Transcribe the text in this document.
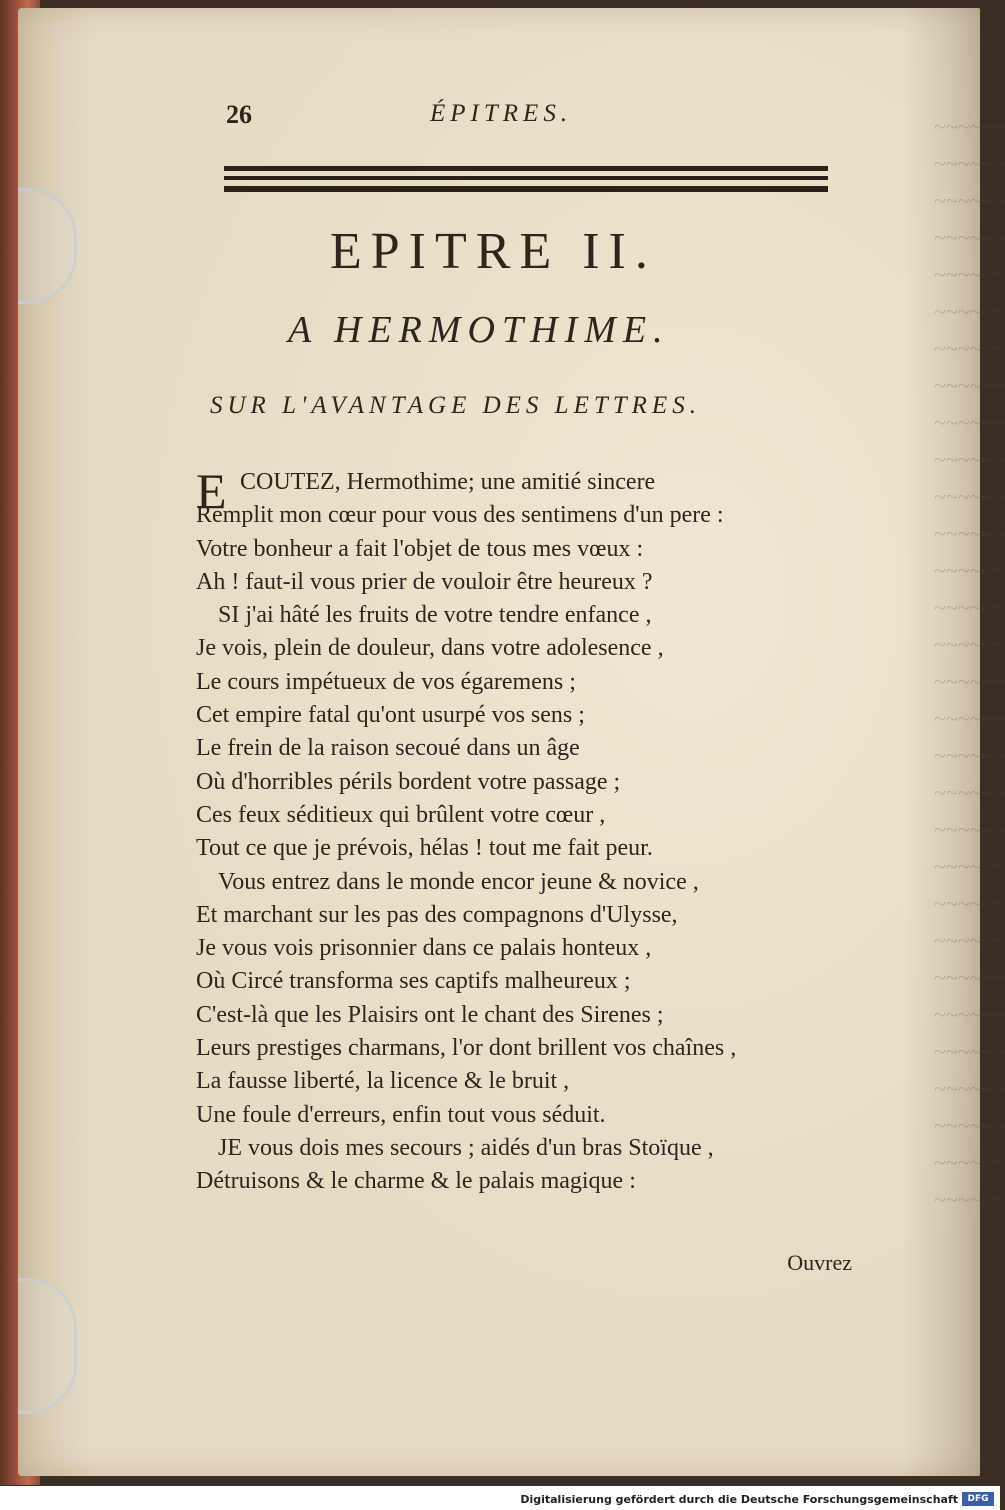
~~~~~~
~~~~~~
~~~~~~
~~~~~~
~~~~~~
~~~~~~
~~~~~~
~~~~~~
~~~~~~
~~~~~~
~~~~~~
~~~~~~
~~~~~~
~~~~~~
~~~~~~
~~~~~~
~~~~~~
~~~~~~
~~~~~~
~~~~~~
~~~~~~
~~~~~~
~~~~~~
~~~~~~
~~~~~~
~~~~~~
~~~~~~
~~~~~~
~~~~~~
~~~~~~
26	ÉPITRES.
EPITRE II.
A HERMOTHIME.
SUR L'AVANTAGE DES LETTRES.
E COUTEZ, Hermothime; une amitié sincere
Remplit mon cœur pour vous des sentimens d'un pere :
Votre bonheur a fait l'objet de tous mes vœux :
Ah ! faut-il vous prier de vouloir être heureux ?
SI j'ai hâté les fruits de votre tendre enfance ,
Je vois, plein de douleur, dans votre adolesence ,
Le cours impétueux de vos égaremens ;
Cet empire fatal qu'ont usurpé vos sens ;
Le frein de la raison secoué dans un âge
Où d'horribles périls bordent votre passage ;
Ces feux séditieux qui brûlent votre cœur ,
Tout ce que je prévois, hélas ! tout me fait peur.
Vous entrez dans le monde encor jeune & novice ,
Et marchant sur les pas des compagnons d'Ulysse,
Je vous vois prisonnier dans ce palais honteux ,
Où Circé transforma ses captifs malheureux ;
C'est-là que les Plaisirs ont le chant des Sirenes ;
Leurs prestiges charmans, l'or dont brillent vos chaînes ,
La fausse liberté, la licence & le bruit ,
Une foule d'erreurs, enfin tout vous séduit.
JE vous dois mes secours ; aidés d'un bras Stoïque ,
Détruisons & le charme & le palais magique :
Ouvrez
Digitalisierung gefördert durch die Deutsche Forschungsgemeinschaft	DFG
